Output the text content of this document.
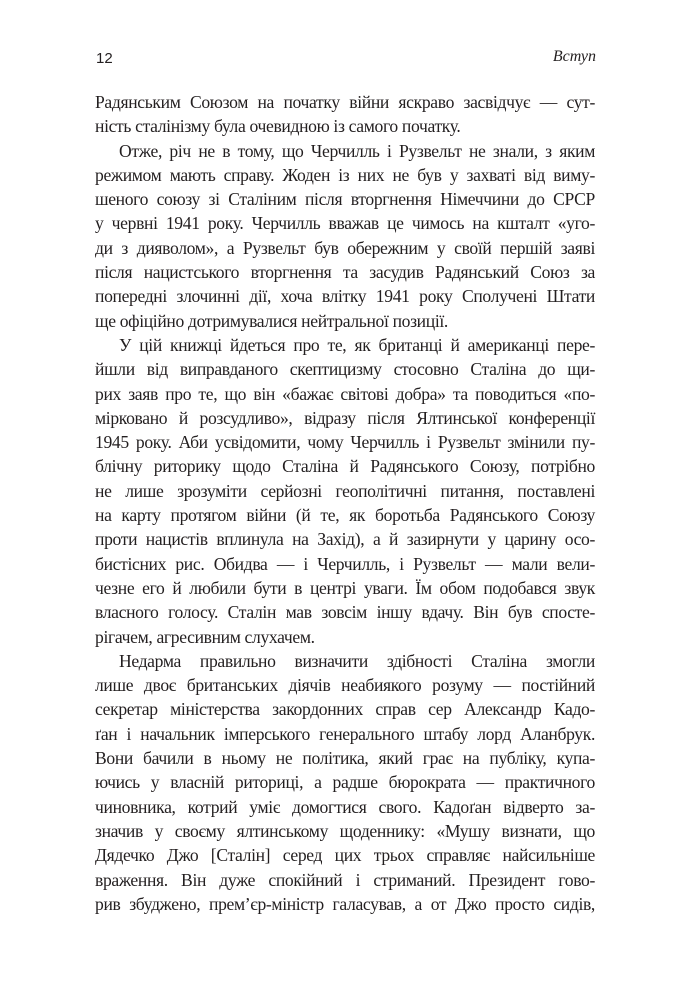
12	Вступ
Радянським Союзом на початку війни яскраво засвідчує — сут-
ність сталінізму була очевидною із самого початку.
Отже, річ не в тому, що Черчилль і Рузвельт не знали, з яким
режимом мають справу. Жоден із них не був у захваті від вимy-
шеного союзу зі Сталіним після вторгнення Німеччини до СРСР
у червні 1941 року. Черчилль вважав це чимось на кшталт «уго-
ди з дияволом», а Рузвельт був обережним у своїй першій заяві
після нацистського вторгнення та засудив Радянський Союз за
попередні злочинні дії, хоча влітку 1941 року Сполучені Штати
ще офіційно дотримувалися нейтральної позиції.
У цій книжці йдеться про те, як британці й американці пере-
йшли від виправданого скептицизму стосовно Сталіна до щи-
рих заяв про те, що він «бажає світові добра» та поводиться «по-
мірковано й розсудливо», відразу після Ялтинської конференції
1945 року. Аби усвідомити, чому Черчилль і Рузвельт змінили пу-
блічну риторику щодо Сталіна й Радянського Союзу, потрібно
не лише зрозуміти серйозні геополітичні питання, поставлені
на карту протягом війни (й те, як боротьба Радянського Союзу
проти нацистів вплинула на Захід), а й зазирнути у царину осо-
бистісних рис. Обидва — і Черчилль, і Рузвельт — мали вели-
чезне его й любили бути в центрі уваги. Їм обом подобався звук
власного голосу. Сталін мав зовсім іншу вдачу. Він був спосте-
рігачем, агресивним слухачем.
Недарма правильно визначити здібності Сталіна змогли
лише двоє британських діячів неабиякого розуму — постійний
секретар міністерства закордонних справ сер Александр Кадо-
ґан і начальник імперського генерального штабу лорд Аланбрук.
Вони бачили в ньому не політика, який грає на публіку, купа-
ючись у власній риториці, а радше бюрократа — практичного
чиновника, котрий уміє домогтися свого. Кадоґан відверто за-
значив у своєму ялтинському щоденнику: «Мушу визнати, що
Дядечко Джо [Сталін] серед цих трьох справляє найсильніше
враження. Він дуже спокійний і стриманий. Президент гово-
рив збуджено, прем’єр-міністр галасував, а от Джо просто сидів,
